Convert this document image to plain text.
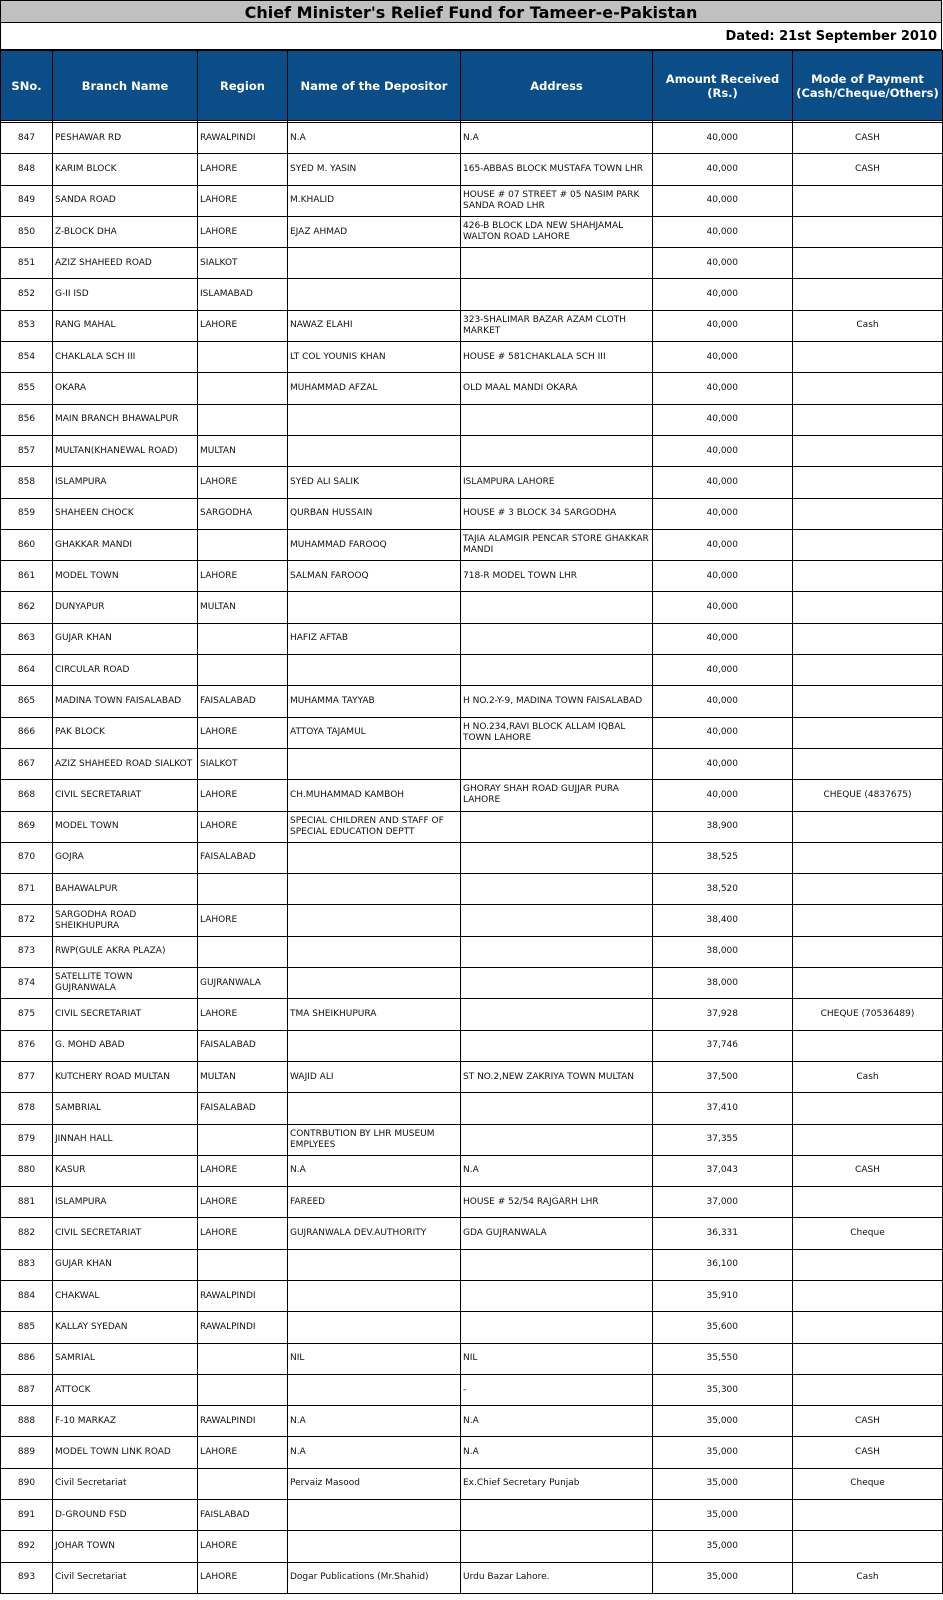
Chief Minister's Relief Fund for Tameer-e-Pakistan
Dated: 21st September 2010
SNo.	Branch Name	Region	Name of the Depositor	Address	Amount Received (Rs.)	Mode of Payment (Cash/Cheque/Others)

847	PESHAWAR RD	RAWALPINDI	N.A	N.A	40,000	CASH
848	KARIM BLOCK	LAHORE	SYED M. YASIN	165-ABBAS BLOCK MUSTAFA TOWN LHR	40,000	CASH
849	SANDA ROAD	LAHORE	M.KHALID	HOUSE # 07 STREET # 05 NASIM PARK SANDA ROAD LHR	40,000	
850	Z-BLOCK DHA	LAHORE	EJAZ AHMAD	426-B BLOCK LDA NEW SHAHJAMAL WALTON ROAD LAHORE	40,000	
851	AZIZ SHAHEED ROAD	SIALKOT			40,000	
852	G-II ISD	ISLAMABAD			40,000	
853	RANG MAHAL	LAHORE	NAWAZ ELAHI	323-SHALIMAR BAZAR AZAM CLOTH MARKET	40,000	Cash
854	CHAKLALA SCH III		LT COL YOUNIS KHAN	HOUSE # 581CHAKLALA SCH III	40,000	
855	OKARA		MUHAMMAD AFZAL	OLD MAAL MANDI OKARA	40,000	
856	MAIN BRANCH BHAWALPUR				40,000	
857	MULTAN(KHANEWAL ROAD)	MULTAN			40,000	
858	ISLAMPURA	LAHORE	SYED ALI SALIK	ISLAMPURA LAHORE	40,000	
859	SHAHEEN CHOCK	SARGODHA	QURBAN HUSSAIN	HOUSE # 3 BLOCK 34 SARGODHA	40,000	
860	GHAKKAR MANDI		MUHAMMAD FAROOQ	TAJIA ALAMGIR PENCAR STORE GHAKKAR MANDI	40,000	
861	MODEL TOWN	LAHORE	SALMAN FAROOQ	718-R MODEL TOWN LHR	40,000	
862	DUNYAPUR	MULTAN			40,000	
863	GUJAR KHAN		HAFIZ AFTAB		40,000	
864	CIRCULAR ROAD				40,000	
865	MADINA TOWN FAISALABAD	FAISALABAD	MUHAMMA TAYYAB	H NO.2-Y-9, MADINA TOWN FAISALABAD	40,000	
866	PAK BLOCK	LAHORE	ATTOYA TAJAMUL	H NO.234,RAVI BLOCK ALLAM IQBAL TOWN LAHORE	40,000	
867	AZIZ SHAHEED ROAD SIALKOT	SIALKOT			40,000	
868	CIVIL SECRETARIAT	LAHORE	CH.MUHAMMAD KAMBOH	GHORAY SHAH ROAD GUJJAR PURA LAHORE	40,000	CHEQUE (4837675)
869	MODEL TOWN	LAHORE	SPECIAL CHILDREN AND STAFF OF SPECIAL EDUCATION DEPTT		38,900	
870	GOJRA	FAISALABAD			38,525	
871	BAHAWALPUR				38,520	
872	SARGODHA ROAD SHEIKHUPURA	LAHORE			38,400	
873	RWP(GULE AKRA PLAZA)				38,000	
874	SATELLITE TOWN GUJRANWALA	GUJRANWALA			38,000	
875	CIVIL SECRETARIAT	LAHORE	TMA SHEIKHUPURA		37,928	CHEQUE (70536489)
876	G. MOHD ABAD	FAISALABAD			37,746	
877	KUTCHERY ROAD MULTAN	MULTAN	WAJID ALI	ST NO.2,NEW ZAKRIYA TOWN MULTAN	37,500	Cash
878	SAMBRIAL	FAISALABAD			37,410	
879	JINNAH HALL		CONTRBUTION BY LHR MUSEUM EMPLYEES		37,355	
880	KASUR	LAHORE	N.A	N.A	37,043	CASH
881	ISLAMPURA	LAHORE	FAREED	HOUSE # 52/54 RAJGARH LHR	37,000	
882	CIVIL SECRETARIAT	LAHORE	GUJRANWALA DEV.AUTHORITY	GDA GUJRANWALA	36,331	Cheque
883	GUJAR KHAN				36,100	
884	CHAKWAL	RAWALPINDI			35,910	
885	KALLAY SYEDAN	RAWALPINDI			35,600	
886	SAMRIAL		NIL	NIL	35,550	
887	ATTOCK			-	35,300	
888	F-10 MARKAZ	RAWALPINDI	N.A	N.A	35,000	CASH
889	MODEL TOWN LINK ROAD	LAHORE	N.A	N.A	35,000	CASH
890	Civil Secretariat		Pervaiz Masood	Ex.Chief Secretary Punjab	35,000	Cheque
891	D-GROUND FSD	FAISLABAD			35,000	
892	JOHAR TOWN	LAHORE			35,000	
893	Civil Secretariat	LAHORE	Dogar Publications (Mr.Shahid)	Urdu Bazar Lahore.	35,000	Cash
